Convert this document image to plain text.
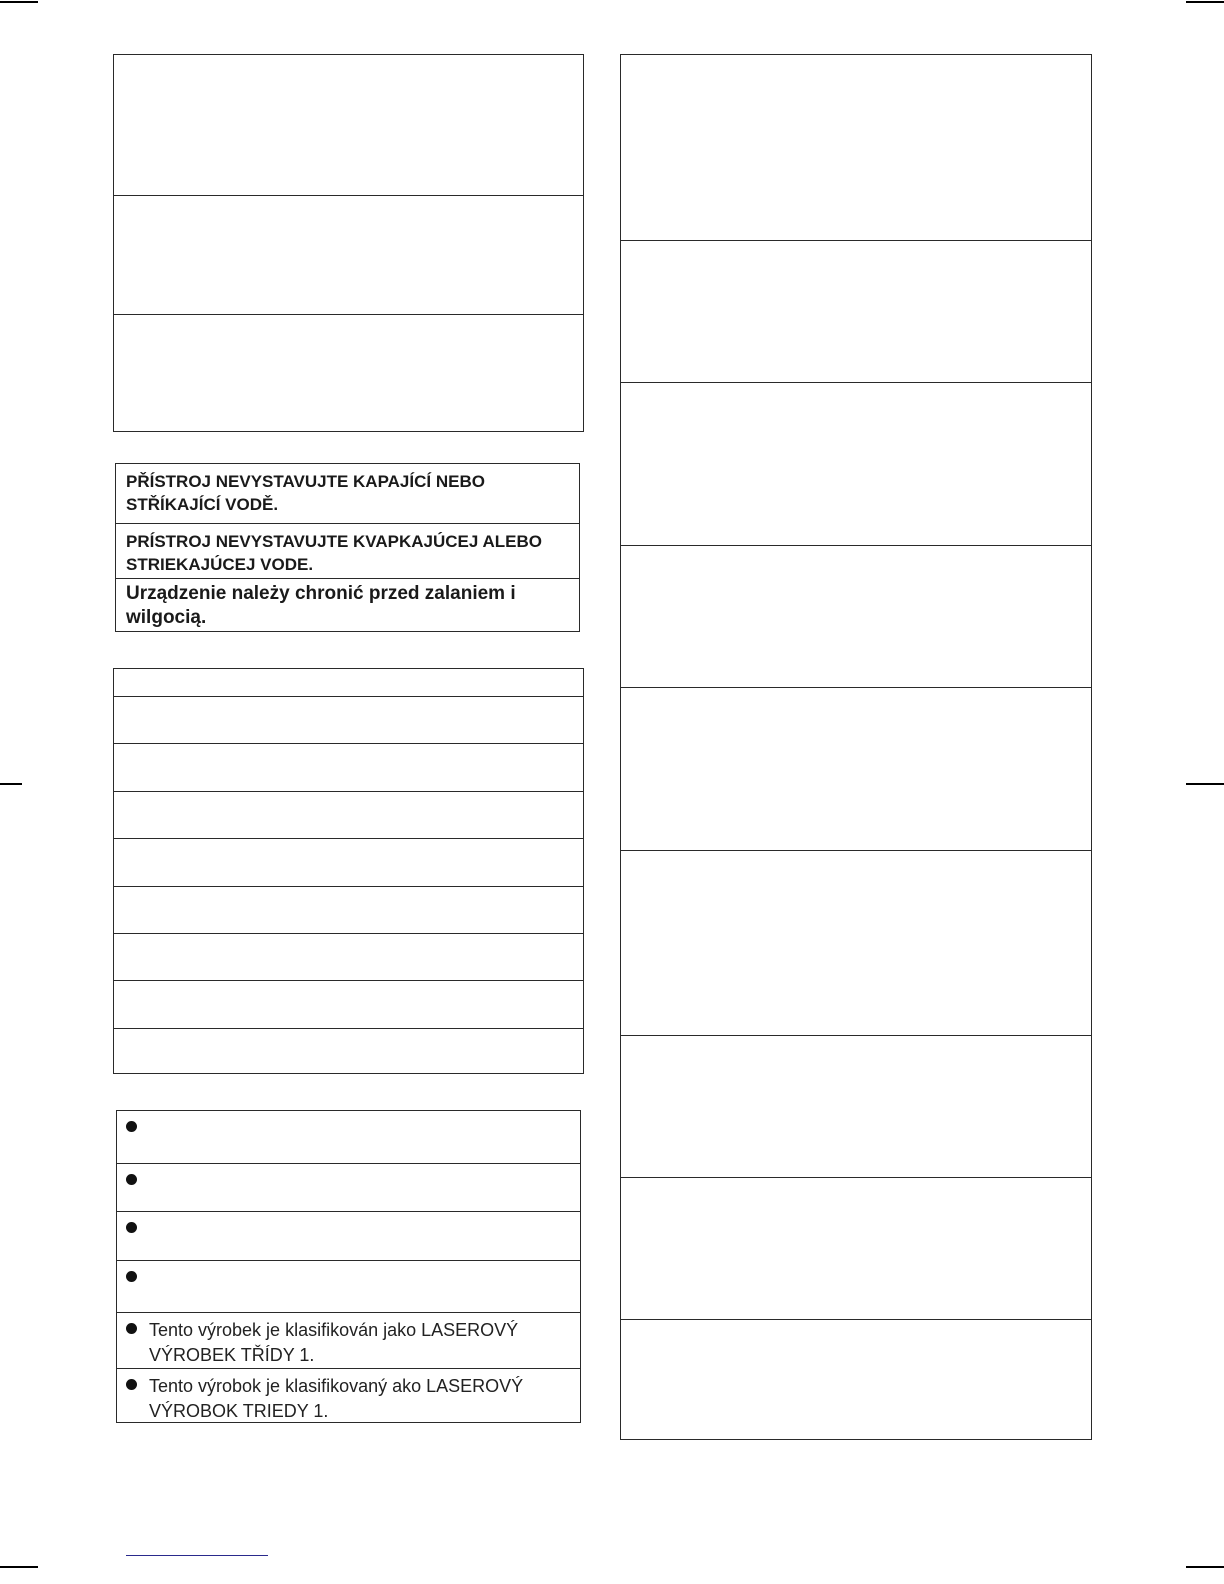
PŘÍSTROJ NEVYSTAVUJTE KAPAJÍCÍ NEBO STŘÍKAJÍCÍ VODĚ.
PRÍSTROJ NEVYSTAVUJTE KVAPKAJÚCEJ ALEBO STRIEKAJÚCEJ VODE.
Urządzenie należy chronić przed zalaniem i wilgocią.
Tento výrobek je klasifikován jako LASEROVÝ VÝROBEK TŘÍDY 1.
Tento výrobok je klasifikovaný ako LASEROVÝ VÝROBOK TRIEDY 1.
